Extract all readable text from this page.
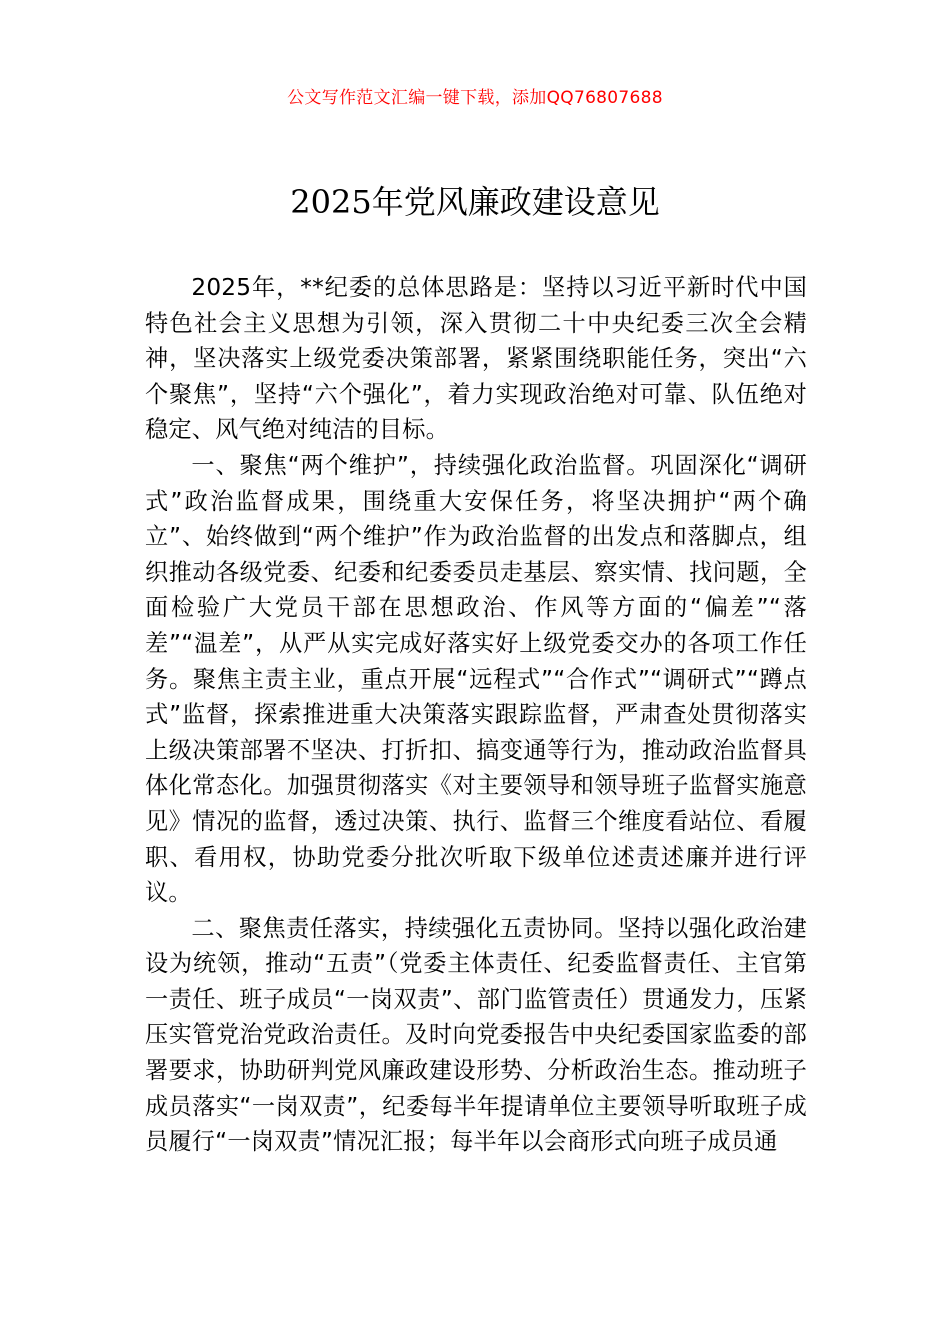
公文写作范文汇编一键下载，添加QQ76807688
2025年党风廉政建设意见

2025年，**纪委的总体思路是：坚持以习近平新时代中国特色社会主义思想为引领，深入贯彻二十中央纪委三次全会精神，坚决落实上级党委决策部署，紧紧围绕职能任务，突出“六个聚焦”，坚持“六个强化”，着力实现政治绝对可靠、队伍绝对稳定、风气绝对纯洁的目标。

一、聚焦“两个维护”，持续强化政治监督。巩固深化“调研式”政治监督成果，围绕重大安保任务，将坚决拥护“两个确立”、始终做到“两个维护”作为政治监督的出发点和落脚点，组织推动各级党委、纪委和纪委委员走基层、察实情、找问题，全面检验广大党员干部在思想政治、作风等方面的“偏差”“落差”“温差”，从严从实完成好落实好上级党委交办的各项工作任务。聚焦主责主业，重点开展“远程式”“合作式”“调研式”“蹲点式”监督，探索推进重大决策落实跟踪监督，严肃查处贯彻落实上级决策部署不坚决、打折扣、搞变通等行为，推动政治监督具体化常态化。加强贯彻落实《对主要领导和领导班子监督实施意见》情况的监督，透过决策、执行、监督三个维度看站位、看履职、看用权，协助党委分批次听取下级单位述责述廉并进行评议。

二、聚焦责任落实，持续强化五责协同。坚持以强化政治建设为统领，推动“五责”（党委主体责任、纪委监督责任、主官第一责任、班子成员“一岗双责”、部门监管责任）贯通发力，压紧压实管党治党政治责任。及时向党委报告中央纪委国家监委的部署要求，协助研判党风廉政建设形势、分析政治生态。推动班子成员落实“一岗双责”，纪委每半年提请单位主要领导听取班子成员履行“一岗双责”情况汇报；每半年以会商形式向班子成员通
